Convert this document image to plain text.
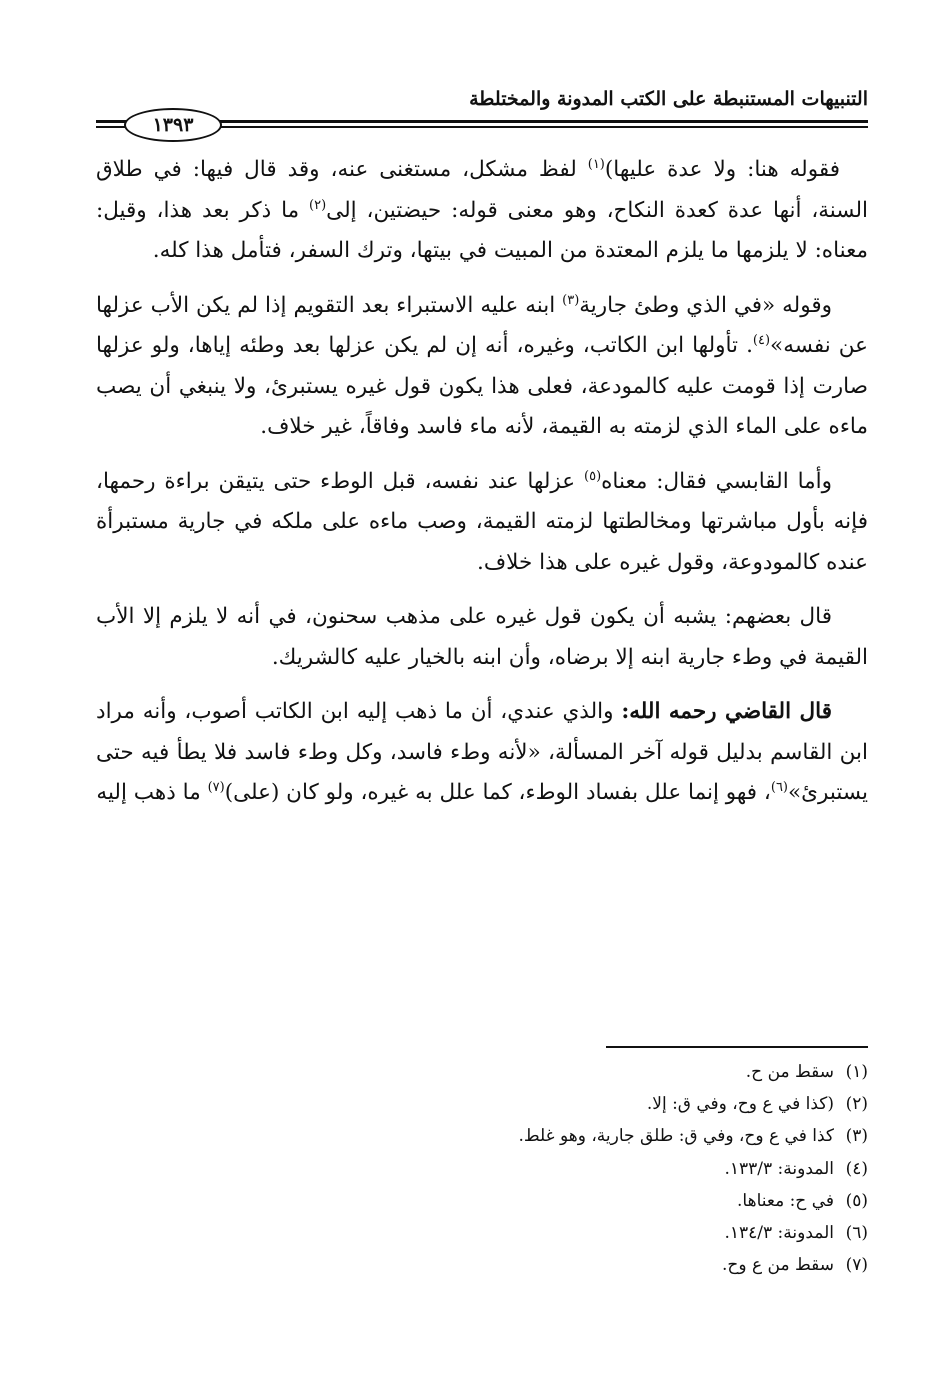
التنبيهات المستنبطة على الكتب المدونة والمختلطة
١٣٩٣

فقوله هنا: ولا عدة عليها)$^{(١)}$ لفظ مشكل، مستغنى عنه، وقد قال فيها: في طلاق السنة، أنها عدة كعدة النكاح، وهو معنى قوله: حيضتين، إلى$^{(٢)}$ ما ذكر بعد هذا، وقيل: معناه: لا يلزمها ما يلزم المعتدة من المبيت في بيتها، وترك السفر، فتأمل هذا كله.

وقوله «في الذي وطئ جارية$^{(٣)}$ ابنه عليه الاستبراء بعد التقويم إذا لم يكن الأب عزلها عن نفسه»$^{(٤)}$. تأولها ابن الكاتب، وغيره، أنه إن لم يكن عزلها بعد وطئه إياها، ولو عزلها صارت إذا قومت عليه كالمودعة، فعلى هذا يكون قول غيره يستبرئ، ولا ينبغي أن يصب ماءه على الماء الذي لزمته به القيمة، لأنه ماء فاسد وفاقاً، غير خلاف.

وأما القابسي فقال: معناه$^{(٥)}$ عزلها عند نفسه، قبل الوطء حتى يتيقن براءة رحمها، فإنه بأول مباشرتها ومخالطتها لزمته القيمة، وصب ماءه على ملكه في جارية مستبرأة عنده كالمودوعة، وقول غيره على هذا خلاف.

قال بعضهم: يشبه أن يكون قول غيره على مذهب سحنون، في أنه لا يلزم إلا الأب القيمة في وطء جارية ابنه إلا برضاه، وأن ابنه بالخيار عليه كالشريك.

قال القاضي رحمه الله: والذي عندي، أن ما ذهب إليه ابن الكاتب أصوب، وأنه مراد ابن القاسم بدليل قوله آخر المسألة، «لأنه وطء فاسد، وكل وطء فاسد فلا يطأ فيه حتى يستبرئ»$^{(٦)}$، فهو إنما علل بفساد الوطء، كما علل به غيره، ولو كان (على)$^{(٧)}$ ما ذهب إليه

(١)سقط من ح.
(٢)(كذا في ع وح، وفي ق: إلا.
(٣)كذا في ع وح، وفي ق: طلق جارية، وهو غلط.
(٤)المدونة: ١٣٣/٣.
(٥)في ح: معناها.
(٦)المدونة: ١٣٤/٣.
(٧)سقط من ع وح.
